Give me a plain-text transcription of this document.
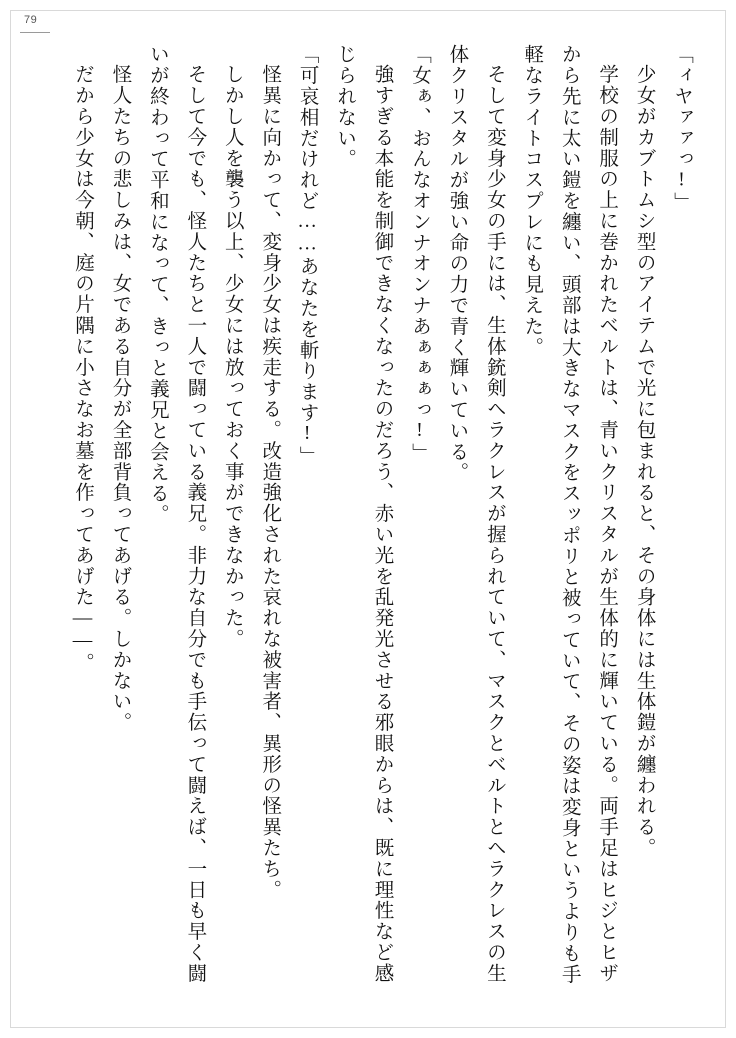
79

「ィヤァァっ!」

少女がカブトムシ型のアイテムで光に包まれると、その身体には生体鎧が纏われる。

学校の制服の上に巻かれたベルトは、青いクリスタルが生体的に輝いている。両手足はヒジとヒザから先に太い鎧を纏い、頭部は大きなマスクをスッポリと被っていて、その姿は変身というよりも手軽なライトコスプレにも見えた。

そして変身少女の手には、生体銃剣ヘラクレスが握られていて、マスクとベルトとヘラクレスの生体クリスタルが強い命の力で青く輝いている。

「女ぁ、おんなオンナオンナあぁぁぁっ!」

強すぎる本能を制御できなくなったのだろう、赤い光を乱発光させる邪眼からは、既に理性など感じられない。

「可哀相だけれど……あなたを斬ります!」

怪異に向かって、変身少女は疾走する。改造強化された哀れな被害者、異形の怪異たち。

しかし人を襲う以上、少女には放っておく事ができなかった。

そして今でも、怪人たちと一人で闘っている義兄。非力な自分でも手伝って闘えば、一日も早く闘いが終わって平和になって、きっと義兄と会える。

怪人たちの悲しみは、女である自分が全部背負ってあげる。しかない。

だから少女は今朝、庭の片隅に小さなお墓を作ってあげた——。
